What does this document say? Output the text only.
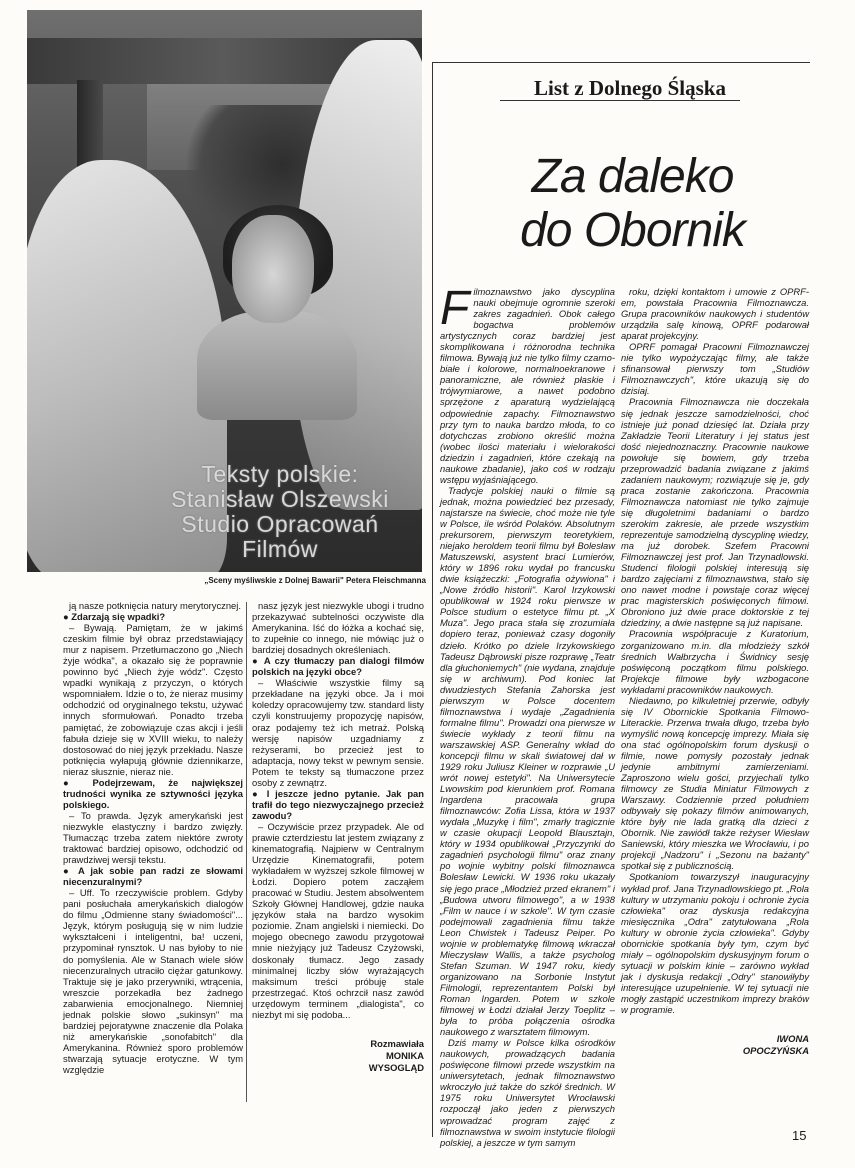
Teksty polskie:
Stanisław Olszewski
Studio Opracowań Filmów
„Sceny myśliwskie z Dolnej Bawarii" Petera Fleischmanna

ją nasze potknięcia natury merytorycznej.

● Zdarzają się wpadki?

– Bywają. Pamiętam, że w jakimś czeskim filmie był obraz przedstawiający mur z napisem. Przetłumaczono go „Niech żyje wódka", a okazało się że poprawnie powinno być „Niech żyje wódz". Często wpadki wynikają z przyczyn, o których wspomniałem. Idzie o to, że nieraz musimy odchodzić od oryginalnego tekstu, używać innych sformułowań. Ponadto trzeba pamiętać, że zobowiązuje czas akcji i jeśli fabuła dzieje się w XVIII wieku, to należy dostosować do niej język przekładu. Nasze potknięcia wyłapują głównie dziennikarze, nieraz słusznie, nieraz nie.

● Podejrzewam, że największej trudności wynika ze sztywności języka polskiego.

– To prawda. Język amerykański jest niezwykle elastyczny i bardzo zwięzły. Tłumacząc trzeba zatem niektóre zwroty traktować bardziej opisowo, odchodzić od prawdziwej wersji tekstu.

● A jak sobie pan radzi ze słowami niecenzuralnymi?

– Uff. To rzeczywiście problem. Gdyby pani posłuchała amerykańskich dialogów do filmu „Odmienne stany świadomości"... Język, którym posługują się w nim ludzie wykształceni i inteligentni, ba! uczeni, przypominał rynsztok. U nas byłoby to nie do pomyślenia. Ale w Stanach wiele słów niecenzuralnych utraciło ciężar gatunkowy. Traktuje się je jako przerywniki, wtrącenia, wreszcie porzekadła bez żadnego zabarwienia emocjonalnego. Niemniej jednak polskie słowo „sukinsyn" ma bardziej pejoratywne znaczenie dla Polaka niż amerykańskie „sonofabitch" dla Amerykanina. Również sporo problemów stwarzają sytuacje erotyczne. W tym względzie

nasz język jest niezwykle ubogi i trudno przekazywać subtelności oczywiste dla Amerykanina. Iść do łóżka a kochać się, to zupełnie co innego, nie mówiąc już o bardziej dosadnych określeniach.

● A czy tłumaczy pan dialogi filmów polskich na języki obce?

– Właściwie wszystkie filmy są przekładane na języki obce. Ja i moi koledzy opracowujemy tzw. standard listy czyli konstruujemy propozycję napisów, oraz podajemy też ich metraż. Polską wersję napisów uzgadniamy z reżyserami, bo przecież jest to adaptacja, nowy tekst w pewnym sensie. Potem te teksty są tłumaczone przez osoby z zewnątrz.

● I jeszcze jedno pytanie. Jak pan trafił do tego niezwyczajnego przecież zawodu?

– Oczywiście przez przypadek. Ale od prawie czterdziestu lat jestem związany z kinematografią. Najpierw w Centralnym Urzędzie Kinematografii, potem wykładałem w wyższej szkole filmowej w Łodzi. Dopiero potem zacząłem pracować w Studiu. Jestem absolwentem Szkoły Głównej Handlowej, gdzie nauka języków stała na bardzo wysokim poziomie. Znam angielski i niemiecki. Do mojego obecnego zawodu przygotował mnie nieżyjący już Tadeusz Czyżowski, doskonały tłumacz. Jego zasady minimalnej liczby słów wyrażających maksimum treści próbuję stale przestrzegać. Ktoś ochrzcił nasz zawód urzędowym terminem „dialogista", co niezbyt mi się podoba...

Rozmawiała
MONIKA
WYSOGLĄD

List z Dolnego Śląska
Za daleko
do Obornik

Filmoznawstwo jako dyscyplina nauki obejmuje ogromnie szeroki zakres zagadnień. Obok całego bogactwa problemów artystycznych coraz bardziej jest skomplikowana i różnorodna technika filmowa. Bywają już nie tylko filmy czarno-białe i kolorowe, normalnoekranowe i panoramiczne, ale również płaskie i trójwymiarowe, a nawet podobno sprzężone z aparaturą wydzielającą odpowiednie zapachy. Filmoznawstwo przy tym to nauka bardzo młoda, to co dotychczas zrobiono określić można (wobec ilości materiału i wielorakości dziedzin i zagadnień, które czekają na naukowe zbadanie), jako coś w rodzaju wstępu wyjaśniającego.

Tradycje polskiej nauki o filmie są jednak, można powiedzieć bez przesady, najstarsze na świecie, choć może nie tyle w Polsce, ile wśród Polaków. Absolutnym prekursorem, pierwszym teoretykiem, niejako heroldem teorii filmu był Bolesław Matuszewski, asystent braci Lumierów, który w 1896 roku wydał po francusku dwie książeczki: „Fotografia ożywiona" i „Nowe źródło historii". Karol Irzykowski opublikował w 1924 roku pierwsze w Polsce studium o estetyce filmu pt. „X Muza". Jego praca stała się zrozumiała dopiero teraz, ponieważ czasy dogoniły dzieło. Krótko po dziele Irzykowskiego Tadeusz Dąbrowski pisze rozprawę „Teatr dla głuchoniemych" (nie wydana, znajduje się w archiwum). Pod koniec lat dwudziestych Stefania Zahorska jest pierwszym w Polsce docentem filmoznawstwa i wydaje „Zagadnienia formalne filmu". Prowadzi ona pierwsze w świecie wykłady z teorii filmu na warszawskiej ASP. Generalny wkład do koncepcji filmu w skali światowej dał w 1929 roku Juliusz Kleiner w rozprawie „U wrót nowej estetyki". Na Uniwersytecie Lwowskim pod kierunkiem prof. Romana Ingardena pracowała grupa filmoznawców: Zofia Lissa, która w 1937 wydała „Muzykę i film", zmarły tragicznie w czasie okupacji Leopold Blausztajn, który w 1934 opublikował „Przyczynki do zagadnień psychologii filmu" oraz znany po wojnie wybitny polski filmoznawca Bolesław Lewicki. W 1936 roku ukazały się jego prace „Młodzież przed ekranem" i „Budowa utworu filmowego", a w 1938 „Film w nauce i w szkole". W tym czasie podejmowali zagadnienia filmu także Leon Chwistek i Tadeusz Peiper. Po wojnie w problematykę filmową wkraczał Mieczysław Wallis, a także psycholog Stefan Szuman. W 1947 roku, kiedy organizowano na Sorbonie Instytut Filmologii, reprezentantem Polski był Roman Ingarden. Potem w szkole filmowej w Łodzi działał Jerzy Toeplitz – była to próba połączenia ośrodka naukowego z warsztatem filmowym.

Dziś mamy w Polsce kilka ośrodków naukowych, prowadzących badania poświęcone filmowi przede wszystkim na uniwersytetach, jednak filmoznawstwo wkroczyło już także do szkół średnich. W 1975 roku Uniwersytet Wrocławski rozpoczął jako jeden z pierwszych wprowadzać program zajęć z filmoznawstwa w swoim instytucie filologii polskiej, a jeszcze w tym samym

roku, dzięki kontaktom i umowie z OPRF-em, powstała Pracownia Filmoznawcza. Grupa pracowników naukowych i studentów urządziła salę kinową, OPRF podarował aparat projekcyjny.

OPRF pomagał Pracowni Filmoznawczej nie tylko wypożyczając filmy, ale także sfinansował pierwszy tom „Studiów Filmoznawczych", które ukazują się do dzisiaj.

Pracownia Filmoznawcza nie doczekała się jednak jeszcze samodzielności, choć istnieje już ponad dziesięć lat. Działa przy Zakładzie Teorii Literatury i jej status jest dość niejednoznaczny. Pracownie naukowe powołuje się bowiem, gdy trzeba przeprowadzić badania związane z jakimś zadaniem naukowym; rozwiązuje się je, gdy praca zostanie zakończona. Pracownia Filmoznawcza natomiast nie tylko zajmuje się długoletnimi badaniami o bardzo szerokim zakresie, ale przede wszystkim reprezentuje samodzielną dyscyplinę wiedzy, ma już dorobek. Szefem Pracowni Filmoznawczej jest prof. Jan Trzynadlowski. Studenci filologii polskiej interesują się bardzo zajęciami z filmoznawstwa, stało się ono nawet modne i powstaje coraz więcej prac magisterskich poświęconych filmowi. Obroniono już dwie prace doktorskie z tej dziedziny, a dwie następne są już napisane.

Pracownia współpracuje z Kuratorium, zorganizowano m.in. dla młodzieży szkół średnich Wałbrzycha i Świdnicy sesję poświęconą początkom filmu polskiego. Projekcje filmowe były wzbogacone wykładami pracowników naukowych.

Niedawno, po kilkuletniej przerwie, odbyły się IV Obornickie Spotkania Filmowo-Literackie. Przerwa trwała długo, trzeba było wymyślić nową koncepcję imprezy. Miała się ona stać ogólnopolskim forum dyskusji o filmie, nowe pomysły pozostały jednak jedynie ambitnymi zamierzeniami. Zaproszono wielu gości, przyjechali tylko filmowcy ze Studia Miniatur Filmowych z Warszawy. Codziennie przed południem odbywały się pokazy filmów animowanych, które były nie lada gratką dla dzieci z Obornik. Nie zawiódł także reżyser Wiesław Saniewski, który mieszka we Wrocławiu, i po projekcji „Nadzoru" i „Sezonu na bażanty" spotkał się z publicznością.

Spotkaniom towarzyszył inauguracyjny wykład prof. Jana Trzynadlowskiego pt. „Rola kultury w utrzymaniu pokoju i ochronie życia człowieka" oraz dyskusja redakcyjna miesięcznika „Odra" zatytułowana „Rola kultury w obronie życia człowieka". Gdyby obornickie spotkania były tym, czym być miały – ogólnopolskim dyskusyjnym forum o sytuacji w polskim kinie – zarówno wykład jak i dyskusja redakcji „Odry" stanowiłyby interesujące uzupełnienie. W tej sytuacji nie mogły zastąpić uczestnikom imprezy braków w programie.

IWONA
OPOCZYŃSKA

15
